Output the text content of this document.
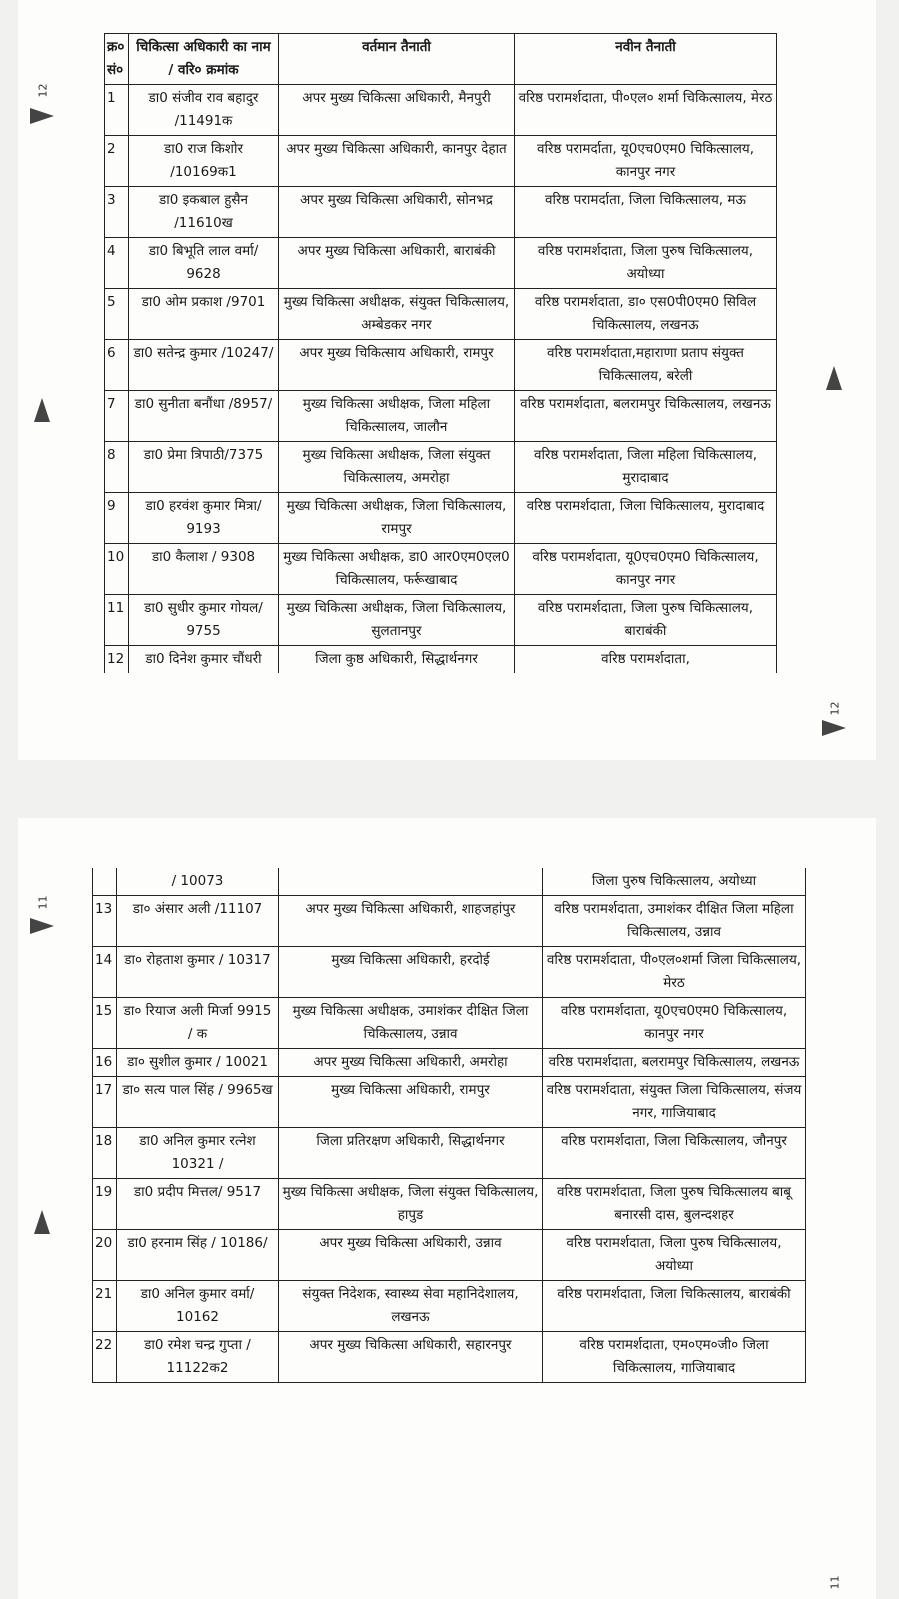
12
12
11
11
क्र० सं०	चिकित्सा अधिकारी का नाम / वरि० क्रमांक	वर्तमान तैनाती	नवीन तैनाती
1	डा0 संजीव राव बहादुर /11491क	अपर मुख्य चिकित्सा अधिकारी, मैनपुरी	वरिष्ठ परामर्शदाता, पी०एल० शर्मा चिकित्सालय, मेरठ
2	डा0 राज किशोर /10169क1	अपर मुख्य चिकित्सा अधिकारी, कानपुर देहात	वरिष्ठ परामर्दाता, यू0एच0एम0 चिकित्सालय, कानपुर नगर
3	डा0 इकबाल हुसैन /11610ख	अपर मुख्य चिकित्सा अधिकारी, सोनभद्र	वरिष्ठ परामर्दाता, जिला चिकित्सालय, मऊ
4	डा0 बिभूति लाल वर्मा/ 9628	अपर मुख्य चिकित्सा अधिकारी, बाराबंकी	वरिष्ठ परामर्शदाता, जिला पुरुष चिकित्सालय, अयोध्या
5	डा0 ओम प्रकाश /9701	मुख्य चिकित्सा अधीक्षक, संयुक्त चिकित्सालय, अम्बेडकर नगर	वरिष्ठ परामर्शदाता, डा० एस0पी0एम0 सिविल चिकित्सालय, लखनऊ
6	डा0 सतेन्द्र कुमार /10247/	अपर मुख्य चिकित्साय अधिकारी, रामपुर	वरिष्ठ परामर्शदाता,महाराणा प्रताप संयुक्त चिकित्सालय, बरेली
7	डा0 सुनीता बनौंधा /8957/	मुख्य चिकित्सा अधीक्षक, जिला महिला चिकित्सालय, जालौन	वरिष्ठ परामर्शदाता, बलरामपुर चिकित्सालय, लखनऊ
8	डा0 प्रेमा त्रिपाठी/7375	मुख्य चिकित्सा अधीक्षक, जिला संयुक्त चिकित्सालय, अमरोहा	वरिष्ठ परामर्शदाता, जिला महिला चिकित्सालय, मुरादाबाद
9	डा0 हरवंश कुमार मित्रा/ 9193	मुख्य चिकित्सा अधीक्षक, जिला चिकित्सालय, रामपुर	वरिष्ठ परामर्शदाता, जिला चिकित्सालय, मुरादाबाद
10	डा0 कैलाश / 9308	मुख्य चिकित्सा अधीक्षक, डा0 आर0एम0एल0 चिकित्सालय, फर्रूखाबाद	वरिष्ठ परामर्शदाता, यू0एच0एम0 चिकित्सालय, कानपुर नगर
11	डा0 सुधीर कुमार गोयल/ 9755	मुख्य चिकित्सा अधीक्षक, जिला चिकित्सालय, सुलतानपुर	वरिष्ठ परामर्शदाता, जिला पुरुष चिकित्सालय, बाराबंकी
12	डा0 दिनेश कुमार चौंधरी	जिला कुष्ठ अधिकारी, सिद्धार्थनगर	वरिष्ठ परामर्शदाता,
	/ 10073		जिला पुरुष चिकित्सालय, अयोध्या
13	डा० अंसार अली /11107	अपर मुख्य चिकित्सा अधिकारी, शाहजहांपुर	वरिष्ठ परामर्शदाता, उमाशंकर दीक्षित जिला महिला चिकित्सालय, उन्नाव
14	डा० रोहताश कुमार / 10317	मुख्य चिकित्सा अधिकारी, हरदोई	वरिष्ठ परामर्शदाता, पी०एल०शर्मा जिला चिकित्सालय, मेरठ
15	डा० रियाज अली मिर्जा 9915 / क	मुख्य चिकित्सा अधीक्षक, उमाशंकर दीक्षित जिला चिकित्सालय, उन्नाव	वरिष्ठ परामर्शदाता, यू0एच0एम0 चिकित्सालय, कानपुर नगर
16	डा० सुशील कुमार / 10021	अपर मुख्य चिकित्सा अधिकारी, अमरोहा	वरिष्ठ परामर्शदाता, बलरामपुर चिकित्सालय, लखनऊ
17	डा० सत्य पाल सिंह / 9965ख	मुख्य चिकित्सा अधिकारी, रामपुर	वरिष्ठ परामर्शदाता, संयुक्त जिला चिकित्सालय, संजय नगर, गाजियाबाद
18	डा0 अनिल कुमार रत्नेश 10321 /	जिला प्रतिरक्षण अधिकारी, सिद्धार्थनगर	वरिष्ठ परामर्शदाता, जिला चिकित्सालय, जौनपुर
19	डा0 प्रदीप मित्तल/ 9517	मुख्य चिकित्सा अधीक्षक, जिला संयुक्त चिकित्सालय, हापुड	वरिष्ठ परामर्शदाता, जिला पुरुष चिकित्सालय बाबू बनारसी दास, बुलन्दशहर
20	डा0 हरनाम सिंह / 10186/	अपर मुख्य चिकित्सा अधिकारी, उन्नाव	वरिष्ठ परामर्शदाता, जिला पुरुष चिकित्सालय, अयोध्या
21	डा0 अनिल कुमार वर्मा/ 10162	संयुक्त निदेशक, स्वास्थ्य सेवा महानिदेशालय, लखनऊ	वरिष्ठ परामर्शदाता, जिला चिकित्सालय, बाराबंकी
22	डा0 रमेश चन्द्र गुप्ता / 11122क2	अपर मुख्य चिकित्सा अधिकारी, सहारनपुर	वरिष्ठ परामर्शदाता, एम०एम०जी० जिला चिकित्सालय, गाजियाबाद
